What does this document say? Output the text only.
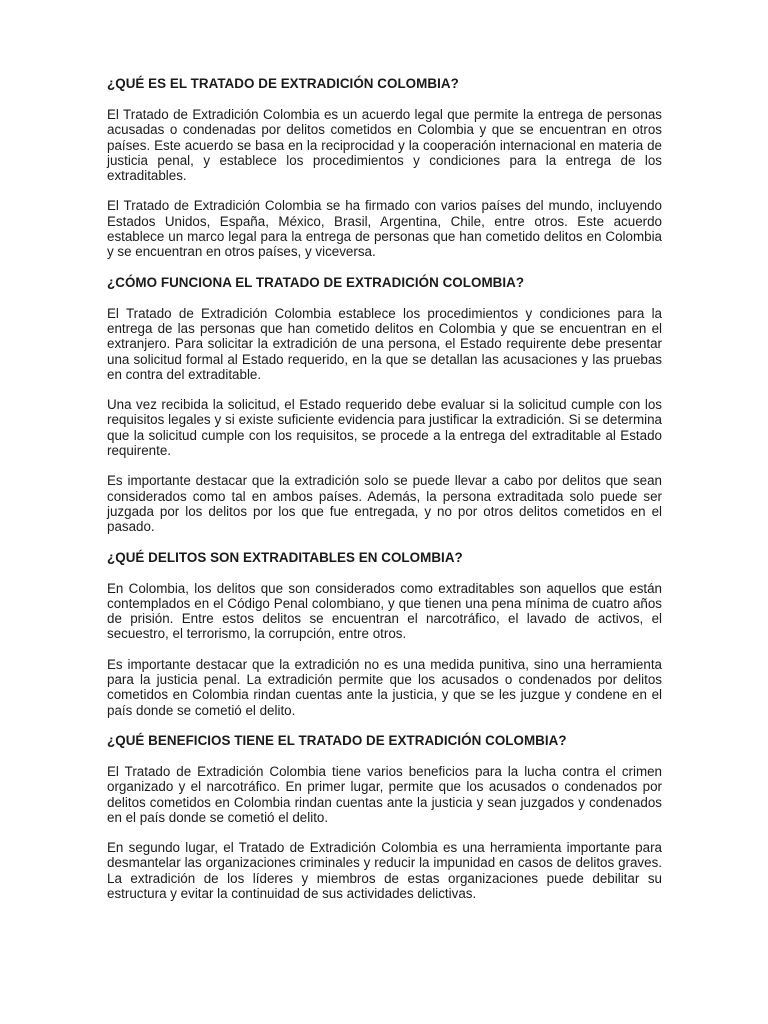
¿QUÉ ES EL TRATADO DE EXTRADICIÓN COLOMBIA?

El Tratado de Extradición Colombia es un acuerdo legal que permite la entrega de personas acusadas o condenadas por delitos cometidos en Colombia y que se encuentran en otros países. Este acuerdo se basa en la reciprocidad y la cooperación internacional en materia de justicia penal, y establece los procedimientos y condiciones para la entrega de los extraditables.

El Tratado de Extradición Colombia se ha firmado con varios países del mundo, incluyendo Estados Unidos, España, México, Brasil, Argentina, Chile, entre otros. Este acuerdo establece un marco legal para la entrega de personas que han cometido delitos en Colombia y se encuentran en otros países, y viceversa.

¿CÓMO FUNCIONA EL TRATADO DE EXTRADICIÓN COLOMBIA?

El Tratado de Extradición Colombia establece los procedimientos y condiciones para la entrega de las personas que han cometido delitos en Colombia y que se encuentran en el extranjero. Para solicitar la extradición de una persona, el Estado requirente debe presentar una solicitud formal al Estado requerido, en la que se detallan las acusaciones y las pruebas en contra del extraditable.

Una vez recibida la solicitud, el Estado requerido debe evaluar si la solicitud cumple con los requisitos legales y si existe suficiente evidencia para justificar la extradición. Si se determina que la solicitud cumple con los requisitos, se procede a la entrega del extraditable al Estado requirente.

Es importante destacar que la extradición solo se puede llevar a cabo por delitos que sean considerados como tal en ambos países. Además, la persona extraditada solo puede ser juzgada por los delitos por los que fue entregada, y no por otros delitos cometidos en el pasado.

¿QUÉ DELITOS SON EXTRADITABLES EN COLOMBIA?

En Colombia, los delitos que son considerados como extraditables son aquellos que están contemplados en el Código Penal colombiano, y que tienen una pena mínima de cuatro años de prisión. Entre estos delitos se encuentran el narcotráfico, el lavado de activos, el secuestro, el terrorismo, la corrupción, entre otros.

Es importante destacar que la extradición no es una medida punitiva, sino una herramienta para la justicia penal. La extradición permite que los acusados o condenados por delitos cometidos en Colombia rindan cuentas ante la justicia, y que se les juzgue y condene en el país donde se cometió el delito.

¿QUÉ BENEFICIOS TIENE EL TRATADO DE EXTRADICIÓN COLOMBIA?

El Tratado de Extradición Colombia tiene varios beneficios para la lucha contra el crimen organizado y el narcotráfico. En primer lugar, permite que los acusados o condenados por delitos cometidos en Colombia rindan cuentas ante la justicia y sean juzgados y condenados en el país donde se cometió el delito.

En segundo lugar, el Tratado de Extradición Colombia es una herramienta importante para desmantelar las organizaciones criminales y reducir la impunidad en casos de delitos graves. La extradición de los líderes y miembros de estas organizaciones puede debilitar su estructura y evitar la continuidad de sus actividades delictivas.
